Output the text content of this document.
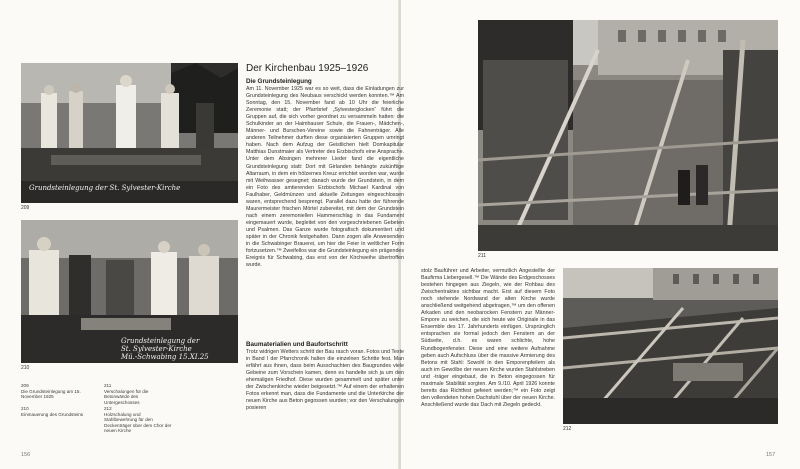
Grundsteinlegung der St. Sylvester-Kirche
209
Grundsteinlegung der
St. Sylvester-Kirche
Mü.-Schwabing 15.XI.25
210
Der Kirchenbau 1925–1926
Die Grundsteinlegung

Am 11. November 1925 war es so weit, dass die Einladungen zur Grundsteinlegung des Neubaus verschickt werden konnten.™ Am Sonntag, den 15. November fand ab 10 Uhr die feierliche Zeremonie statt; der Pfarrbrief „Sylvesterglocken“ führt die Gruppen auf, die sich vorher geordnet zu versammeln hatten: die Schulkinder an der Haimhauser Schule, die Frauen-, Mädchen-, Männer- und Burschen-Vereine sowie die Fahnenträger. Alle anderen Teilnehmer durften diese organisierten Gruppen umringt haben. Nach dem Aufzug der Geistlichen hielt Domkapitular Matthias Dunstmaier als Vertreter des Erzbischofs eine Ansprache. Unter dem Absingen mehrerer Lieder fand die eigentliche Grundsteinlegung statt: Dort mit Girlanden behängte zukünftige Altarraum, in dem ein hölzernes Kreuz errichtet worden war, wurde mit Weihwasser gesegnet; danach wurde der Grundstein, in dem ein Foto des amtierenden Erzbischofs Michael Kardinal von Faulhaber, Geldmünzen und aktuelle Zeitungen eingeschlossen waren, entsprechend besprengt. Parallel dazu hatte der führende Maurermeister frischen Mörtel zubereitet, mit dem der Grundstein nach einem zeremoniellen Hammerschlag in das Fundament eingemauert wurde, begleitet von den vorgeschriebenen Gebeten und Psalmen. Das Ganze wurde fotografisch dokumentiert und später in der Chronik festgehalten. Dann zogen alle Anwesenden in die Schwabinger Brauerei, um hier die Feier in weltlicher Form fortzusetzen.™ Zweifellos war die Grundsteinlegung ein prägendes Ereignis für Schwabing, das erst von der Kirchweihe übertroffen wurde.

Baumaterialien und Baufortschritt

Trotz widrigen Wetters schritt der Bau rasch voran. Fotos und Texte in Band I der Pfarrchronik halten die einzelnen Schritte fest. Man erfährt aus ihnen, dass beim Ausschachten des Baugrundes viele Gebeine zum Vorschein kamen, denn es handelte sich ja um den ehemaligen Friedhof. Diese wurden gesammelt und später unter der Zwischenkirche wieder beigesetzt.™ Auf einem der erhaltenen Fotos erkennt man, dass die Fundamente und die Unterkirche der neuen Kirche aus Beton gegossen wurden; vor den Verschalungen posieren

209
Die Grundsteinlegung am 15. November 1925
210
Einmauerung des Grundsteins
211
Verschalungen für die Betonwände des Untergeschosses
212
Holzschalung und Stahlbewehrung für den Deckenträger über dem Chor der neuen Kirche
156
211

stolz Bauführer und Arbeiter, vermutlich Angestellte der Baufirma Liebergesell.™ Die Wände des Erdgeschosses bestehen hingegen aus Ziegeln, wie der Rohbau des Zwischentraktes sichtbar macht. Erst auf diesem Foto noch stehende Nordwand der alten Kirche wurde anschließend weitgehend abgetragen,™ um den offenen Arkaden und den neobarocken Fenstern zur Männer-Empore zu weichen, die sich heute wie Originale in das Ensemble des 17. Jahrhunderts einfügen. Ursprünglich entsprachen sie formal jedoch den Fenstern an der Südseite, d.h. es waren schlichte, hohe Rundbogenfenster. Diese und eine weitere Aufnahme geben auch Aufschluss über die massive Armierung des Betons mit Stahl: Sowohl in den Emporenpfeilern als auch im Gewölbe der neuen Kirche wurden Stahlstreben und -träger eingebaut, die in Beton eingegossen für maximale Stabilität sorgten. Am 9./10. April 1926 konnte bereits das Richtfest gefeiert werden;™ ein Foto zeigt den vollendeten hohen Dachstuhl über der neuen Kirche. Anschließend wurde das Dach mit Ziegeln gedeckt.

212
157
